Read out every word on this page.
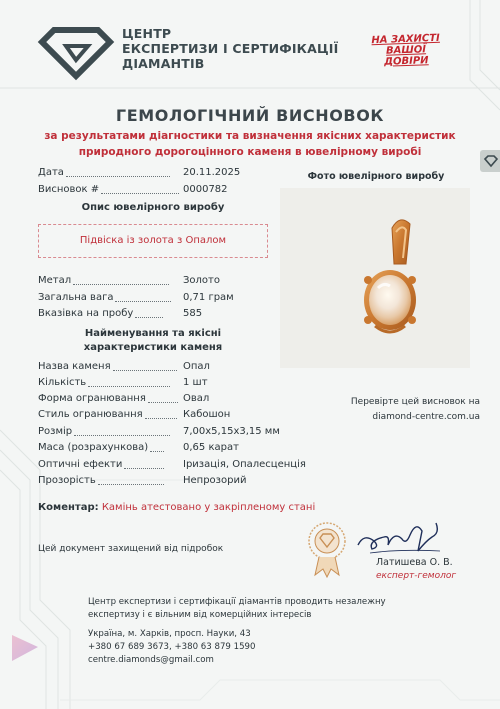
ЦЕНТР
ЕКСПЕРТИЗИ І СЕРТИФІКАЦІЇ
ДІАМАНТІВ
НА ЗАХИСТІ
ВАШОЇ
ДОВІРИ
ГЕМОЛОГІЧНИЙ ВИСНОВОК
за результатами діагностики та визначення якісних характеристик
природного дорогоцінного каменя в ювелірному виробі
Дата	20.11.2025
Висновок #	0000782
Опис ювелірного виробу
Підвіска із золота з Опалом
Метал	Золото
Загальна вага	0,71 грам
Вказівка на пробу	585
Найменування та якісні
характеристики каменя
Назва каменя	Опал
Кількість	1 шт
Форма огранювання	Овал
Стиль огранювання	Кабошон
Розмір	7,00x5,15x3,15 мм
Маса (розрахункова)	0,65 карат
Оптичні ефекти	Іризація, Опалесценція
Прозорість	Непрозорий
Фото ювелірного виробу
Перевірте цей висновок на
diamond-centre.com.ua
Коментар: Камінь атестовано у закріпленому стані
Цей документ захищений від підробок
Латишева О. В.
експерт-гемолог
Центр експертизи і сертифікації діамантів проводить незалежну
експертизу і є вільним від комерційних інтересів
Україна, м. Харків, просп. Науки, 43
+380 67 689 3673, +380 63 879 1590
centre.diamonds@gmail.com
